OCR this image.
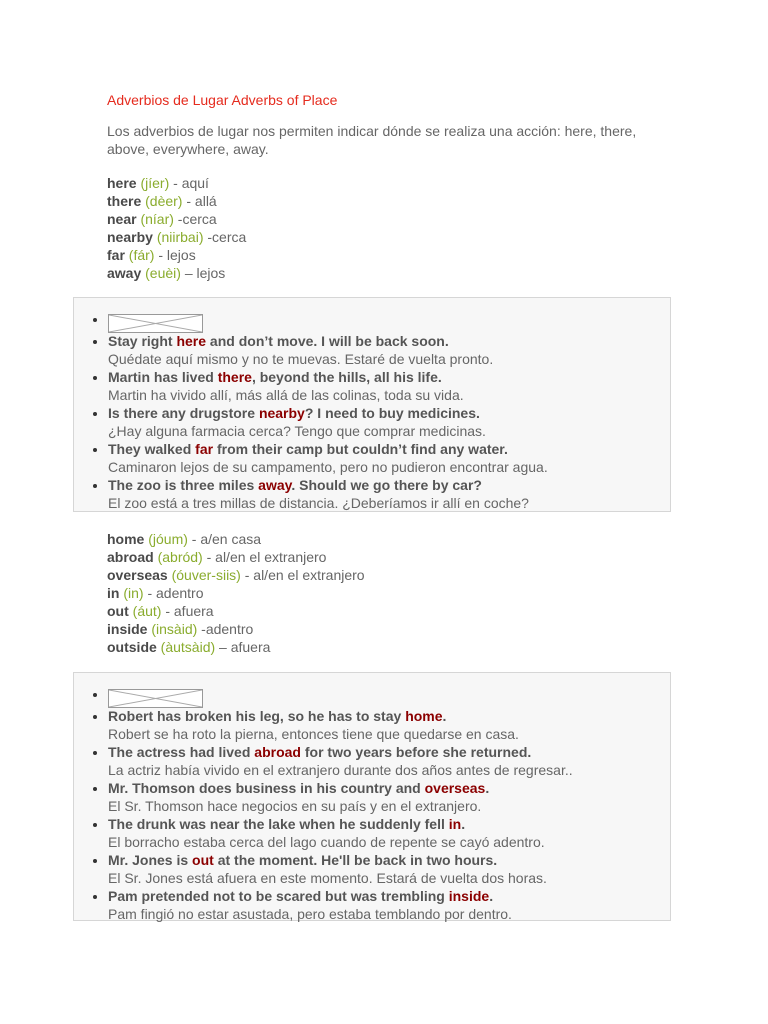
Adverbios de Lugar Adverbs of Place
Los adverbios de lugar nos permiten indicar dónde se realiza una acción: here, there, above, everywhere, away.
here (jíer) - aquí
there (dèer) - allá
near (níar) -cerca
nearby (niirbai) -cerca
far (fár) - lejos
away (euèi) – lejos
•
• Stay right here and don’t move. I will be back soon.
Quédate aquí mismo y no te muevas. Estaré de vuelta pronto.
• Martin has lived there, beyond the hills, all his life.
Martin ha vivido allí, más allá de las colinas, toda su vida.
• Is there any drugstore nearby? I need to buy medicines.
¿Hay alguna farmacia cerca? Tengo que comprar medicinas.
• They walked far from their camp but couldn’t find any water.
Caminaron lejos de su campamento, pero no pudieron encontrar agua.
• The zoo is three miles away. Should we go there by car?
El zoo está a tres millas de distancia. ¿Deberíamos ir allí en coche?
home (jóum) - a/en casa
abroad (abród) - al/en el extranjero
overseas (óuver-siis) - al/en el extranjero
in (in) - adentro
out (áut) - afuera
inside (insàid) -adentro
outside (àutsàid) – afuera
•
• Robert has broken his leg, so he has to stay home.
Robert se ha roto la pierna, entonces tiene que quedarse en casa.
• The actress had lived abroad for two years before she returned.
La actriz había vivido en el extranjero durante dos años antes de regresar..
• Mr. Thomson does business in his country and overseas.
El Sr. Thomson hace negocios en su país y en el extranjero.
• The drunk was near the lake when he suddenly fell in.
El borracho estaba cerca del lago cuando de repente se cayó adentro.
• Mr. Jones is out at the moment. He'll be back in two hours.
El Sr. Jones está afuera en este momento. Estará de vuelta dos horas.
• Pam pretended not to be scared but was trembling inside.
Pam fingió no estar asustada, pero estaba temblando por dentro.
